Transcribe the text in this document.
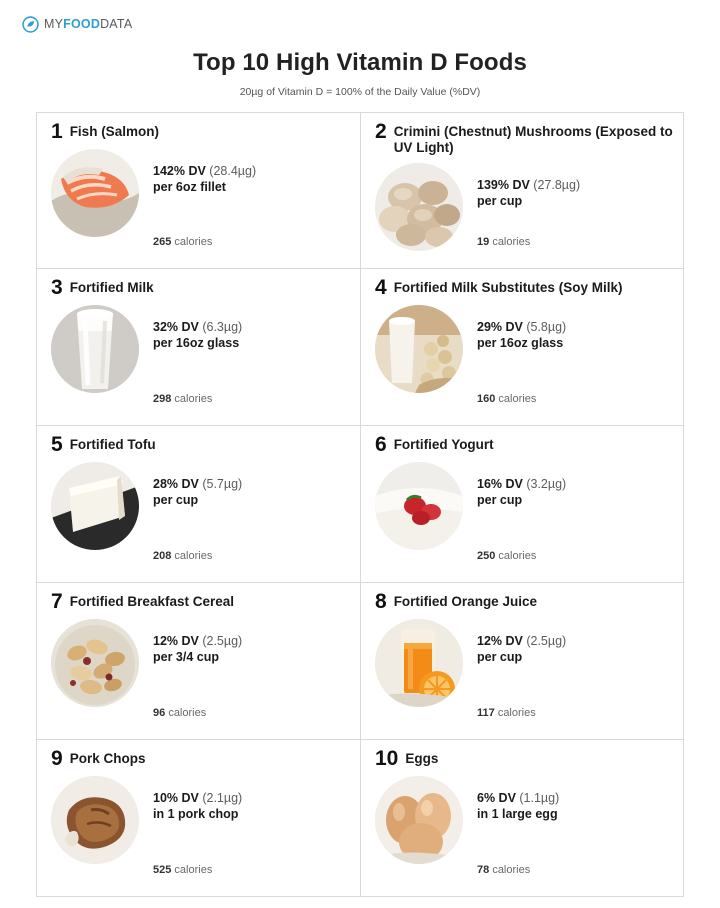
MYFOODDATA
Top 10 High Vitamin D Foods
20µg of Vitamin D = 100% of the Daily Value (%DV)
1 Fish (Salmon)
142% DV (28.4µg)
per 6oz fillet
265 calories
2 Crimini (Chestnut) Mushrooms (Exposed to UV Light)
139% DV (27.8µg)
per cup
19 calories
3 Fortified Milk
32% DV (6.3µg)
per 16oz glass
298 calories
4 Fortified Milk Substitutes (Soy Milk)
29% DV (5.8µg)
per 16oz glass
160 calories
5 Fortified Tofu
28% DV (5.7µg)
per cup
208 calories
6 Fortified Yogurt
16% DV (3.2µg)
per cup
250 calories
7 Fortified Breakfast Cereal
12% DV (2.5µg)
per 3/4 cup
96 calories
8 Fortified Orange Juice
12% DV (2.5µg)
per cup
117 calories
9 Pork Chops
10% DV (2.1µg)
in 1 pork chop
525 calories
10 Eggs
6% DV (1.1µg)
in 1 large egg
78 calories
